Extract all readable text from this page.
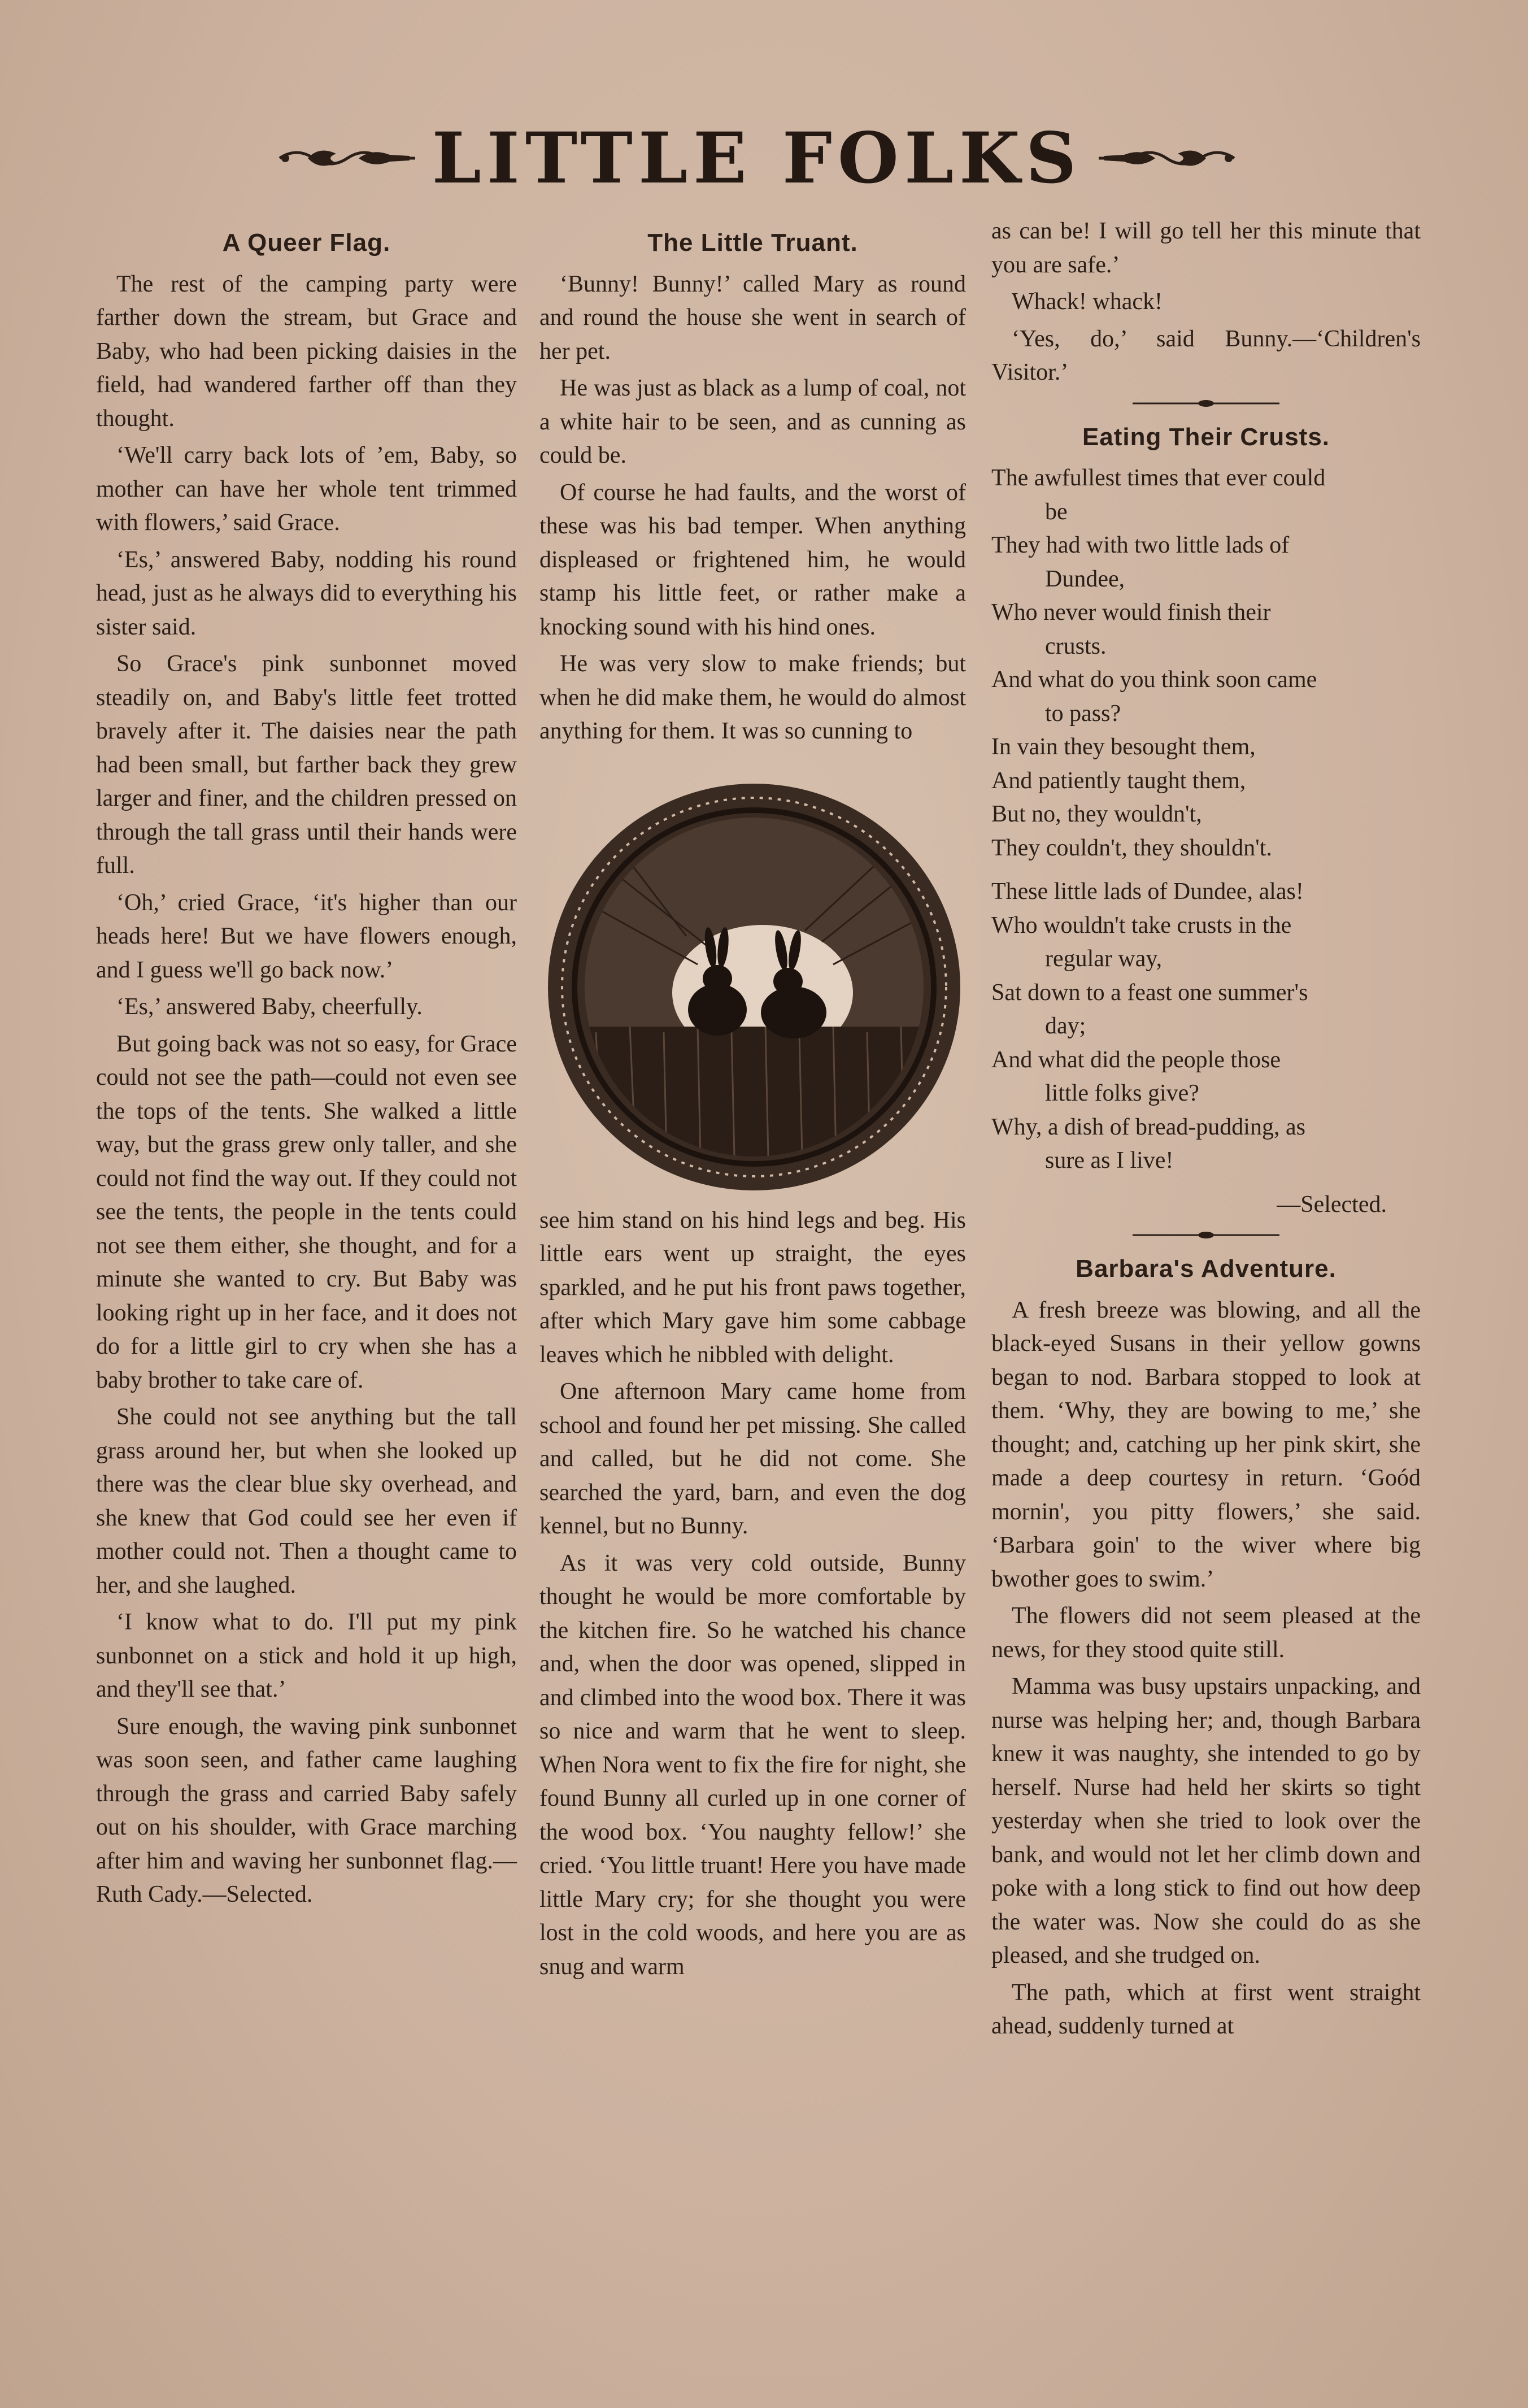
LITTLE FOLKS
A Queer Flag.

The rest of the camping party were farther down the stream, but Grace and Baby, who had been picking daisies in the field, had wandered farther off than they thought.

‘We'll carry back lots of ’em, Baby, so mother can have her whole tent trimmed with flowers,’ said Grace.

‘Es,’ answered Baby, nodding his round head, just as he always did to everything his sister said.

So Grace's pink sunbonnet moved steadily on, and Baby's little feet trotted bravely after it. The daisies near the path had been small, but farther back they grew larger and finer, and the children pressed on through the tall grass until their hands were full.

‘Oh,’ cried Grace, ‘it's higher than our heads here! But we have flowers enough, and I guess we'll go back now.’

‘Es,’ answered Baby, cheerfully.

But going back was not so easy, for Grace could not see the path—could not even see the tops of the tents. She walked a little way, but the grass grew only taller, and she could not find the way out. If they could not see the tents, the people in the tents could not see them either, she thought, and for a minute she wanted to cry. But Baby was looking right up in her face, and it does not do for a little girl to cry when she has a baby brother to take care of.

She could not see anything but the tall grass around her, but when she looked up there was the clear blue sky overhead, and she knew that God could see her even if mother could not. Then a thought came to her, and she laughed.

‘I know what to do. I'll put my pink sunbonnet on a stick and hold it up high, and they'll see that.’

Sure enough, the waving pink sunbonnet was soon seen, and father came laughing through the grass and carried Baby safely out on his shoulder, with Grace marching after him and waving her sunbonnet flag.—Ruth Cady.—Selected.

The Little Truant.

‘Bunny! Bunny!’ called Mary as round and round the house she went in search of her pet.

He was just as black as a lump of coal, not a white hair to be seen, and as cunning as could be.

Of course he had faults, and the worst of these was his bad temper. When anything displeased or frightened him, he would stamp his little feet, or rather make a knocking sound with his hind ones.

He was very slow to make friends; but when he did make them, he would do almost anything for them. It was so cunning to

see him stand on his hind legs and beg. His little ears went up straight, the eyes sparkled, and he put his front paws together, after which Mary gave him some cabbage leaves which he nibbled with delight.

One afternoon Mary came home from school and found her pet missing. She called and called, but he did not come. She searched the yard, barn, and even the dog kennel, but no Bunny.

As it was very cold outside, Bunny thought he would be more comfortable by the kitchen fire. So he watched his chance and, when the door was opened, slipped in and climbed into the wood box. There it was so nice and warm that he went to sleep. When Nora went to fix the fire for night, she found Bunny all curled up in one corner of the wood box. ‘You naughty fellow!’ she cried. ‘You little truant! Here you have made little Mary cry; for she thought you were lost in the cold woods, and here you are as snug and warm

as can be! I will go tell her this minute that you are safe.’

Whack! whack!

‘Yes, do,’ said Bunny.—‘Children's Visitor.’

Eating Their Crusts.
The awfullest times that ever could
be
They had with two little lads of
Dundee,
Who never would finish their
crusts.
And what do you think soon came
to pass?
In vain they besought them,
And patiently taught them,
But no, they wouldn't,
They couldn't, they shouldn't.
These little lads of Dundee, alas!
Who wouldn't take crusts in the
regular way,
Sat down to a feast one summer's
day;
And what did the people those
little folks give?
Why, a dish of bread-pudding, as
sure as I live!
—Selected.
Barbara's Adventure.

A fresh breeze was blowing, and all the black-eyed Susans in their yellow gowns began to nod. Barbara stopped to look at them. ‘Why, they are bowing to me,’ she thought; and, catching up her pink skirt, she made a deep courtesy in return. ‘Goód mornin', you pitty flowers,’ she said. ‘Barbara goin' to the wiver where big bwother goes to swim.’

The flowers did not seem pleased at the news, for they stood quite still.

Mamma was busy upstairs unpacking, and nurse was helping her; and, though Barbara knew it was naughty, she intended to go by herself. Nurse had held her skirts so tight yesterday when she tried to look over the bank, and would not let her climb down and poke with a long stick to find out how deep the water was. Now she could do as she pleased, and she trudged on.

The path, which at first went straight ahead, suddenly turned at
